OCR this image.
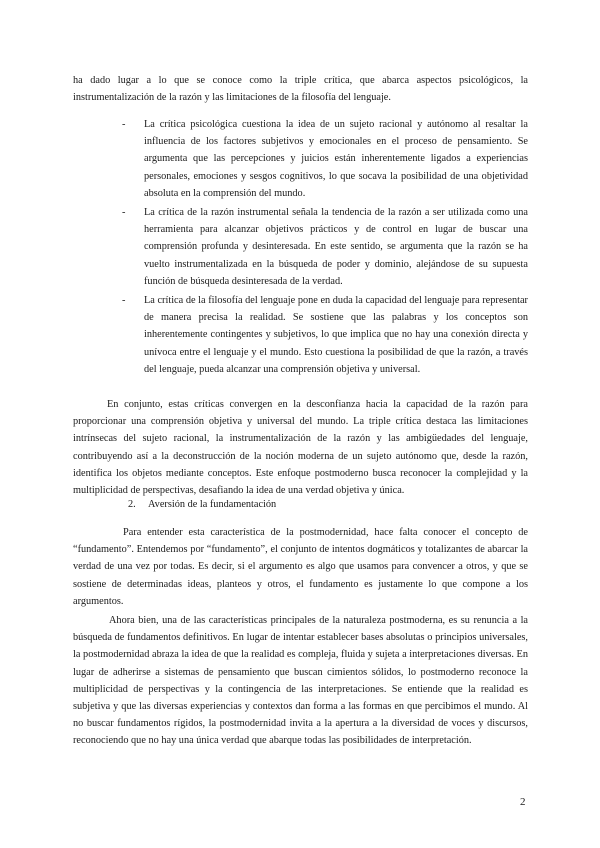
ha dado lugar a lo que se conoce como la triple crítica, que abarca aspectos psicológicos, la instrumentalización de la razón y las limitaciones de la filosofía del lenguaje.

- La crítica psicológica cuestiona la idea de un sujeto racional y autónomo al resaltar la influencia de los factores subjetivos y emocionales en el proceso de pensamiento. Se argumenta que las percepciones y juicios están inherentemente ligados a experiencias personales, emociones y sesgos cognitivos, lo que socava la posibilidad de una objetividad absoluta en la comprensión del mundo.

- La crítica de la razón instrumental señala la tendencia de la razón a ser utilizada como una herramienta para alcanzar objetivos prácticos y de control en lugar de buscar una comprensión profunda y desinteresada. En este sentido, se argumenta que la razón se ha vuelto instrumentalizada en la búsqueda de poder y dominio, alejándose de su supuesta función de búsqueda desinteresada de la verdad.

- La crítica de la filosofía del lenguaje pone en duda la capacidad del lenguaje para representar de manera precisa la realidad. Se sostiene que las palabras y los conceptos son inherentemente contingentes y subjetivos, lo que implica que no hay una conexión directa y unívoca entre el lenguaje y el mundo. Esto cuestiona la posibilidad de que la razón, a través del lenguaje, pueda alcanzar una comprensión objetiva y universal.

En conjunto, estas críticas convergen en la desconfianza hacia la capacidad de la razón para proporcionar una comprensión objetiva y universal del mundo. La triple crítica destaca las limitaciones intrínsecas del sujeto racional, la instrumentalización de la razón y las ambigüedades del lenguaje, contribuyendo así a la deconstrucción de la noción moderna de un sujeto autónomo que, desde la razón, identifica los objetos mediante conceptos. Este enfoque postmoderno busca reconocer la complejidad y la multiplicidad de perspectivas, desafiando la idea de una verdad objetiva y única.

2. Aversión de la fundamentación

Para entender esta característica de la postmodernidad, hace falta conocer el concepto de “fundamento”. Entendemos por “fundamento”, el conjunto de intentos dogmáticos y totalizantes de abarcar la verdad de una vez por todas. Es decir, si el argumento es algo que usamos para convencer a otros, y que se sostiene de determinadas ideas, planteos y otros, el fundamento es justamente lo que compone a los argumentos.

Ahora bien, una de las características principales de la naturaleza postmoderna, es su renuncia a la búsqueda de fundamentos definitivos. En lugar de intentar establecer bases absolutas o principios universales, la postmodernidad abraza la idea de que la realidad es compleja, fluida y sujeta a interpretaciones diversas. En lugar de adherirse a sistemas de pensamiento que buscan cimientos sólidos, lo postmoderno reconoce la multiplicidad de perspectivas y la contingencia de las interpretaciones. Se entiende que la realidad es subjetiva y que las diversas experiencias y contextos dan forma a las formas en que percibimos el mundo. Al no buscar fundamentos rígidos, la postmodernidad invita a la apertura a la diversidad de voces y discursos, reconociendo que no hay una única verdad que abarque todas las posibilidades de interpretación.

2
